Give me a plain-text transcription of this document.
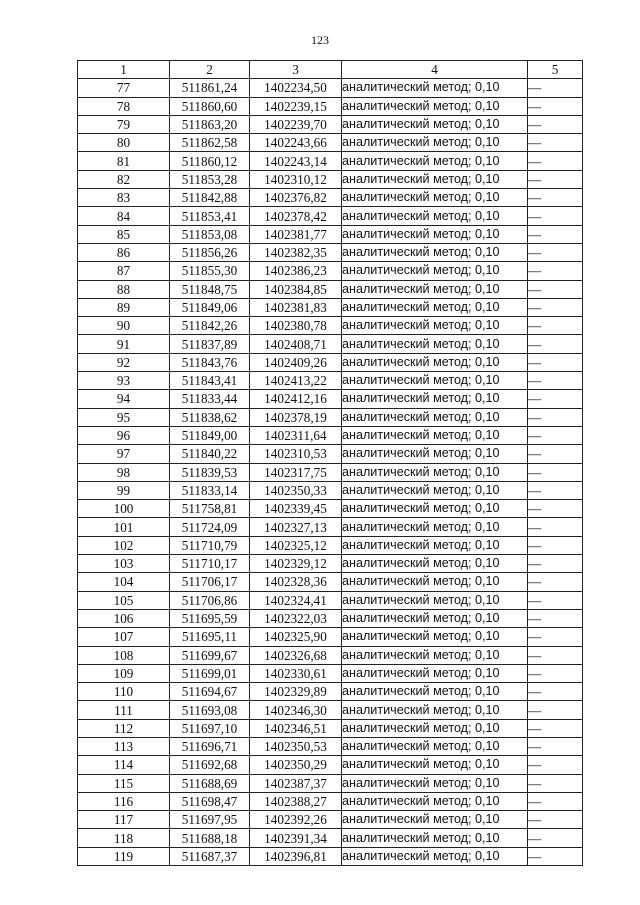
123
1	2	3	4	5
77	511861,24	1402234,50	аналитический метод; 0,10	—
78	511860,60	1402239,15	аналитический метод; 0,10	—
79	511863,20	1402239,70	аналитический метод; 0,10	—
80	511862,58	1402243,66	аналитический метод; 0,10	—
81	511860,12	1402243,14	аналитический метод; 0,10	—
82	511853,28	1402310,12	аналитический метод; 0,10	—
83	511842,88	1402376,82	аналитический метод; 0,10	—
84	511853,41	1402378,42	аналитический метод; 0,10	—
85	511853,08	1402381,77	аналитический метод; 0,10	—
86	511856,26	1402382,35	аналитический метод; 0,10	—
87	511855,30	1402386,23	аналитический метод; 0,10	—
88	511848,75	1402384,85	аналитический метод; 0,10	—
89	511849,06	1402381,83	аналитический метод; 0,10	—
90	511842,26	1402380,78	аналитический метод; 0,10	—
91	511837,89	1402408,71	аналитический метод; 0,10	—
92	511843,76	1402409,26	аналитический метод; 0,10	—
93	511843,41	1402413,22	аналитический метод; 0,10	—
94	511833,44	1402412,16	аналитический метод; 0,10	—
95	511838,62	1402378,19	аналитический метод; 0,10	—
96	511849,00	1402311,64	аналитический метод; 0,10	—
97	511840,22	1402310,53	аналитический метод; 0,10	—
98	511839,53	1402317,75	аналитический метод; 0,10	—
99	511833,14	1402350,33	аналитический метод; 0,10	—
100	511758,81	1402339,45	аналитический метод; 0,10	—
101	511724,09	1402327,13	аналитический метод; 0,10	—
102	511710,79	1402325,12	аналитический метод; 0,10	—
103	511710,17	1402329,12	аналитический метод; 0,10	—
104	511706,17	1402328,36	аналитический метод; 0,10	—
105	511706,86	1402324,41	аналитический метод; 0,10	—
106	511695,59	1402322,03	аналитический метод; 0,10	—
107	511695,11	1402325,90	аналитический метод; 0,10	—
108	511699,67	1402326,68	аналитический метод; 0,10	—
109	511699,01	1402330,61	аналитический метод; 0,10	—
110	511694,67	1402329,89	аналитический метод; 0,10	—
111	511693,08	1402346,30	аналитический метод; 0,10	—
112	511697,10	1402346,51	аналитический метод; 0,10	—
113	511696,71	1402350,53	аналитический метод; 0,10	—
114	511692,68	1402350,29	аналитический метод; 0,10	—
115	511688,69	1402387,37	аналитический метод; 0,10	—
116	511698,47	1402388,27	аналитический метод; 0,10	—
117	511697,95	1402392,26	аналитический метод; 0,10	—
118	511688,18	1402391,34	аналитический метод; 0,10	—
119	511687,37	1402396,81	аналитический метод; 0,10	—
